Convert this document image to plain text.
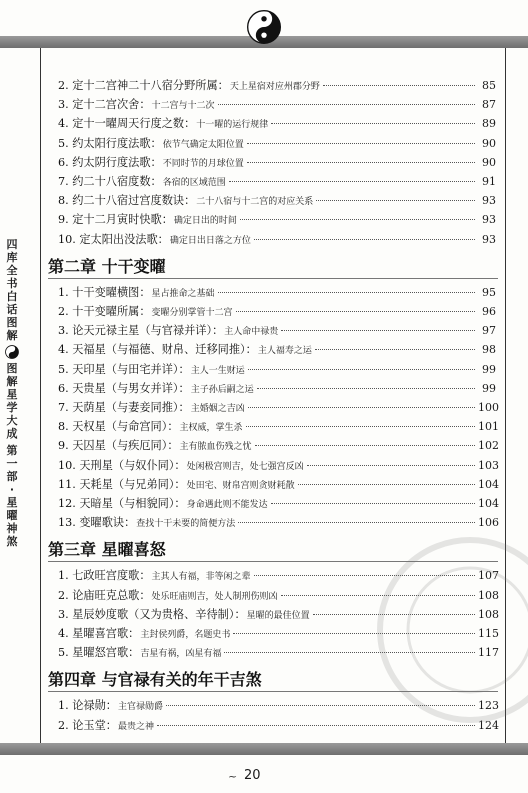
四
库
全
书
白
话
图
解
图
解
星
学
大
成
第
一
部
·
星
曜
神
煞
2. 定十二宫神二十八宿分野所属： 天上星宿对应州郡分野	85
3. 定十二宫次舍： 十二宫与十二次	87
4. 定十一曜周天行度之数： 十一曜的运行规律	89
5. 约太阳行度法歌： 依节气确定太阳位置	90
6. 约太阴行度法歌： 不同时节的月球位置	90
7. 约二十八宿度数： 各宿的区域范围	91
8. 约二十八宿过宫度数诀： 二十八宿与十二宫的对应关系	93
9. 定十二月寅时快歌： 确定日出的时间	93
10. 定太阳出没法歌： 确定日出日落之方位	93
第二章 十干变曜
1. 十干变曜横图： 星占推命之基础	95
2. 十干变曜所属： 变曜分别掌管十二宫	96
3. 论天元禄主星（与官禄并详）： 主人命中禄贵	97
4. 天福星（与福德、财帛、迁移同推）： 主人福寿之运	98
5. 天印星（与田宅并详）： 主人一生财运	99
6. 天贵星（与男女并详）： 主子孙后嗣之运	99
7. 天荫星（与妻妾同推）： 主婚姻之吉凶	100
8. 天权星（与命宫同）： 主权威，掌生杀	101
9. 天囚星（与疾厄同）： 主有脓血伤残之忧	102
10. 天刑星（与奴仆同）： 处闲极宫则吉，处七强宫反凶	103
11. 天耗星（与兄弟同）： 处田宅、财帛宫则贪财耗散	104
12. 天暗星（与相貌同）： 身命遇此则不能发达	104
13. 变曜歌诀： 查找十干未要的简便方法	106
第三章 星曜喜怒
1. 七政旺宫度歌： 主其人有福，非等闲之辈	107
2. 论庙旺克总歌： 处乐旺庙则吉，处人制刑伤则凶	108
3. 星辰妙度歌（又为贵格、辛待制）： 星曜的最佳位置	108
4. 星曜喜宫歌： 主封侯列爵，名题史书	115
5. 星曜怒宫歌： 吉星有祸，凶星有福	117
第四章 与官禄有关的年干吉煞
1. 论禄勋： 主官禄勋爵	123
2. 论玉堂： 最贵之神	124
~ 20
